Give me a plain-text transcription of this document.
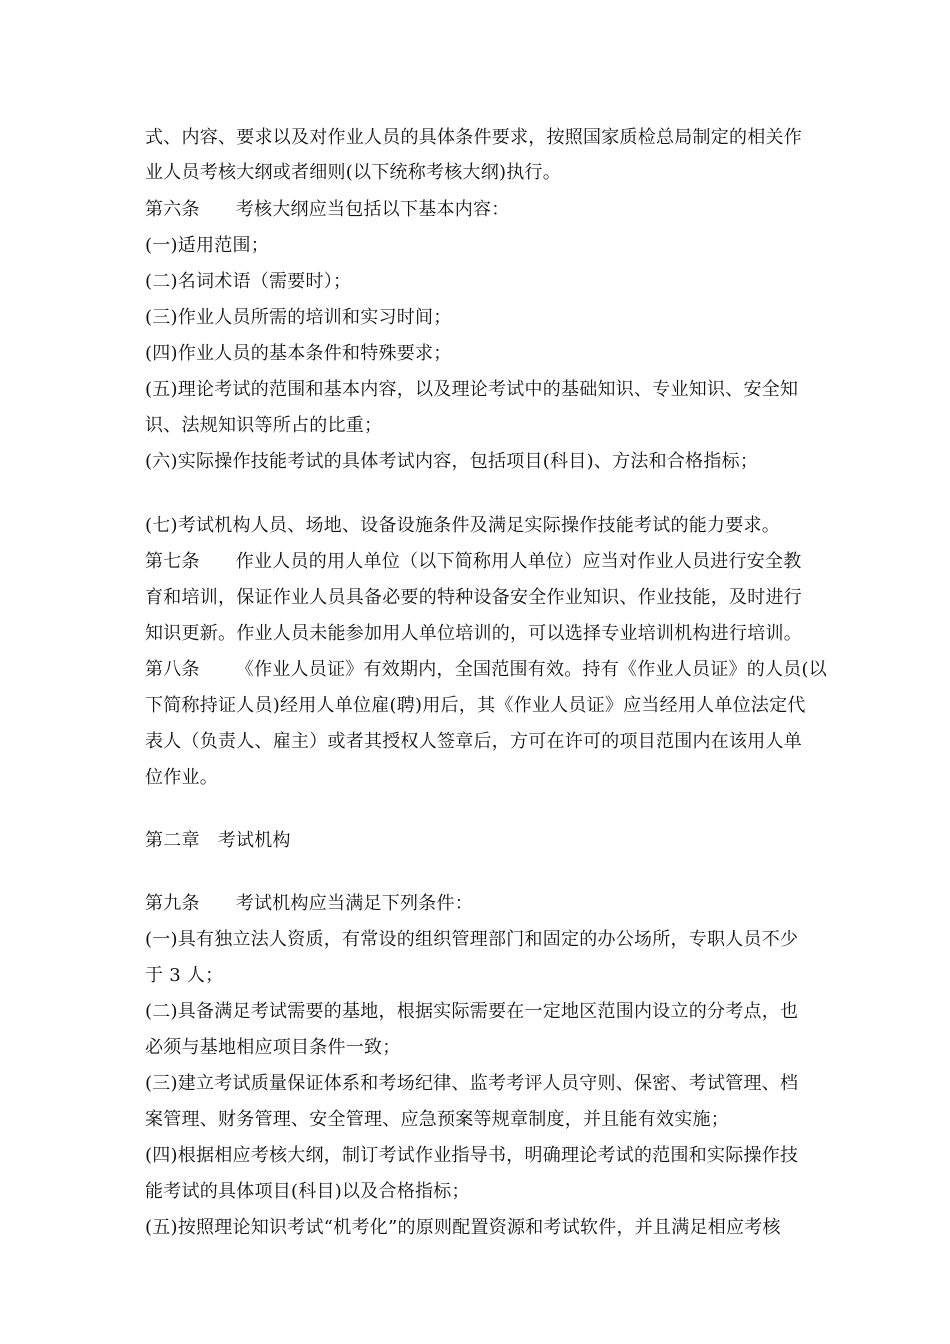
式、内容、要求以及对作业人员的具体条件要求，按照国家质检总局制定的相关作
业人员考核大纲或者细则(以下统称考核大纲)执行。
第六条 考核大纲应当包括以下基本内容：
(一)适用范围；
(二)名词术语（需要时）；
(三)作业人员所需的培训和实习时间；
(四)作业人员的基本条件和特殊要求；
(五)理论考试的范围和基本内容，以及理论考试中的基础知识、专业知识、安全知
识、法规知识等所占的比重；
(六)实际操作技能考试的具体考试内容，包括项目(科目)、方法和合格指标；
(七)考试机构人员、场地、设备设施条件及满足实际操作技能考试的能力要求。
第七条 作业人员的用人单位（以下简称用人单位）应当对作业人员进行安全教
育和培训，保证作业人员具备必要的特种设备安全作业知识、作业技能，及时进行
知识更新。作业人员未能参加用人单位培训的，可以选择专业培训机构进行培训。
第八条 《作业人员证》有效期内，全国范围有效。持有《作业人员证》的人员(以
下简称持证人员)经用人单位雇(聘)用后，其《作业人员证》应当经用人单位法定代
表人（负责人、雇主）或者其授权人签章后，方可在许可的项目范围内在该用人单
位作业。
第二章 考试机构
第九条 考试机构应当满足下列条件：
(一)具有独立法人资质，有常设的组织管理部门和固定的办公场所，专职人员不少
于 3 人；
(二)具备满足考试需要的基地，根据实际需要在一定地区范围内设立的分考点，也
必须与基地相应项目条件一致；
(三)建立考试质量保证体系和考场纪律、监考考评人员守则、保密、考试管理、档
案管理、财务管理、安全管理、应急预案等规章制度，并且能有效实施；
(四)根据相应考核大纲，制订考试作业指导书，明确理论考试的范围和实际操作技
能考试的具体项目(科目)以及合格指标；
(五)按照理论知识考试“机考化”的原则配置资源和考试软件，并且满足相应考核
